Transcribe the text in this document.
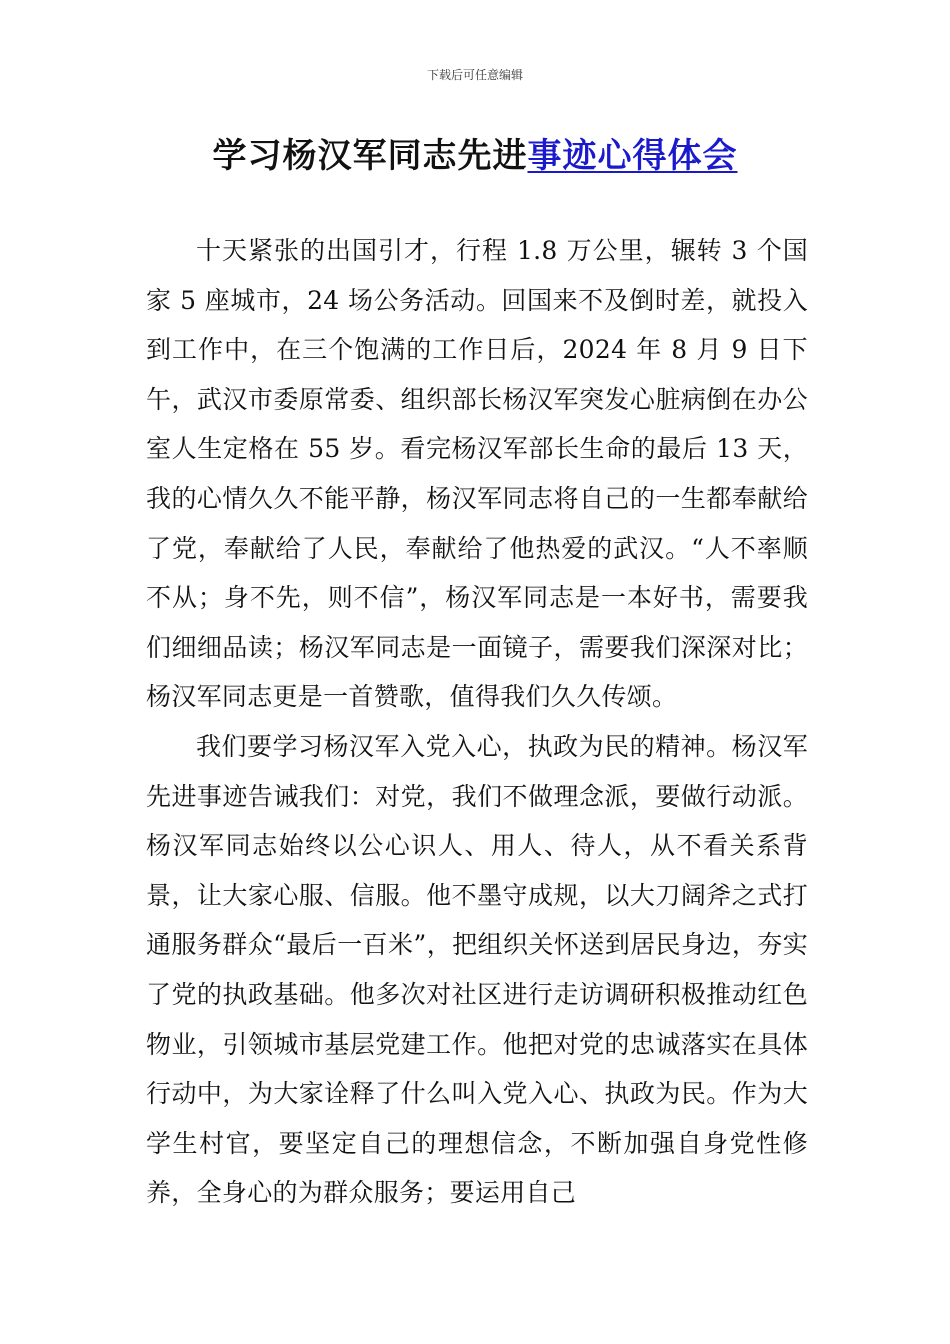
下载后可任意编辑
学习杨汉军同志先进事迹心得体会

十天紧张的出国引才，行程 1.8 万公里，辗转 3 个国家 5 座城市，24 场公务活动。回国来不及倒时差，就投入到工作中，在三个饱满的工作日后，2024 年 8 月 9 日下午，武汉市委原常委、组织部长杨汉军突发心脏病倒在办公室人生定格在 55 岁。看完杨汉军部长生命的最后 13 天，我的心情久久不能平静，杨汉军同志将自己的一生都奉献给了党，奉献给了人民，奉献给了他热爱的武汉。“人不率顺不从；身不先，则不信”，杨汉军同志是一本好书，需要我们细细品读；杨汉军同志是一面镜子，需要我们深深对比；杨汉军同志更是一首赞歌，值得我们久久传颂。

我们要学习杨汉军入党入心，执政为民的精神。杨汉军先进事迹告诫我们：对党，我们不做理念派，要做行动派。杨汉军同志始终以公心识人、用人、待人，从不看关系背景，让大家心服、信服。他不墨守成规，以大刀阔斧之式打通服务群众“最后一百米”，把组织关怀送到居民身边，夯实了党的执政基础。他多次对社区进行走访调研积极推动红色物业，引领城市基层党建工作。他把对党的忠诚落实在具体行动中，为大家诠释了什么叫入党入心、执政为民。作为大学生村官，要坚定自己的理想信念，不断加强自身党性修养，全身心的为群众服务；要运用自己
